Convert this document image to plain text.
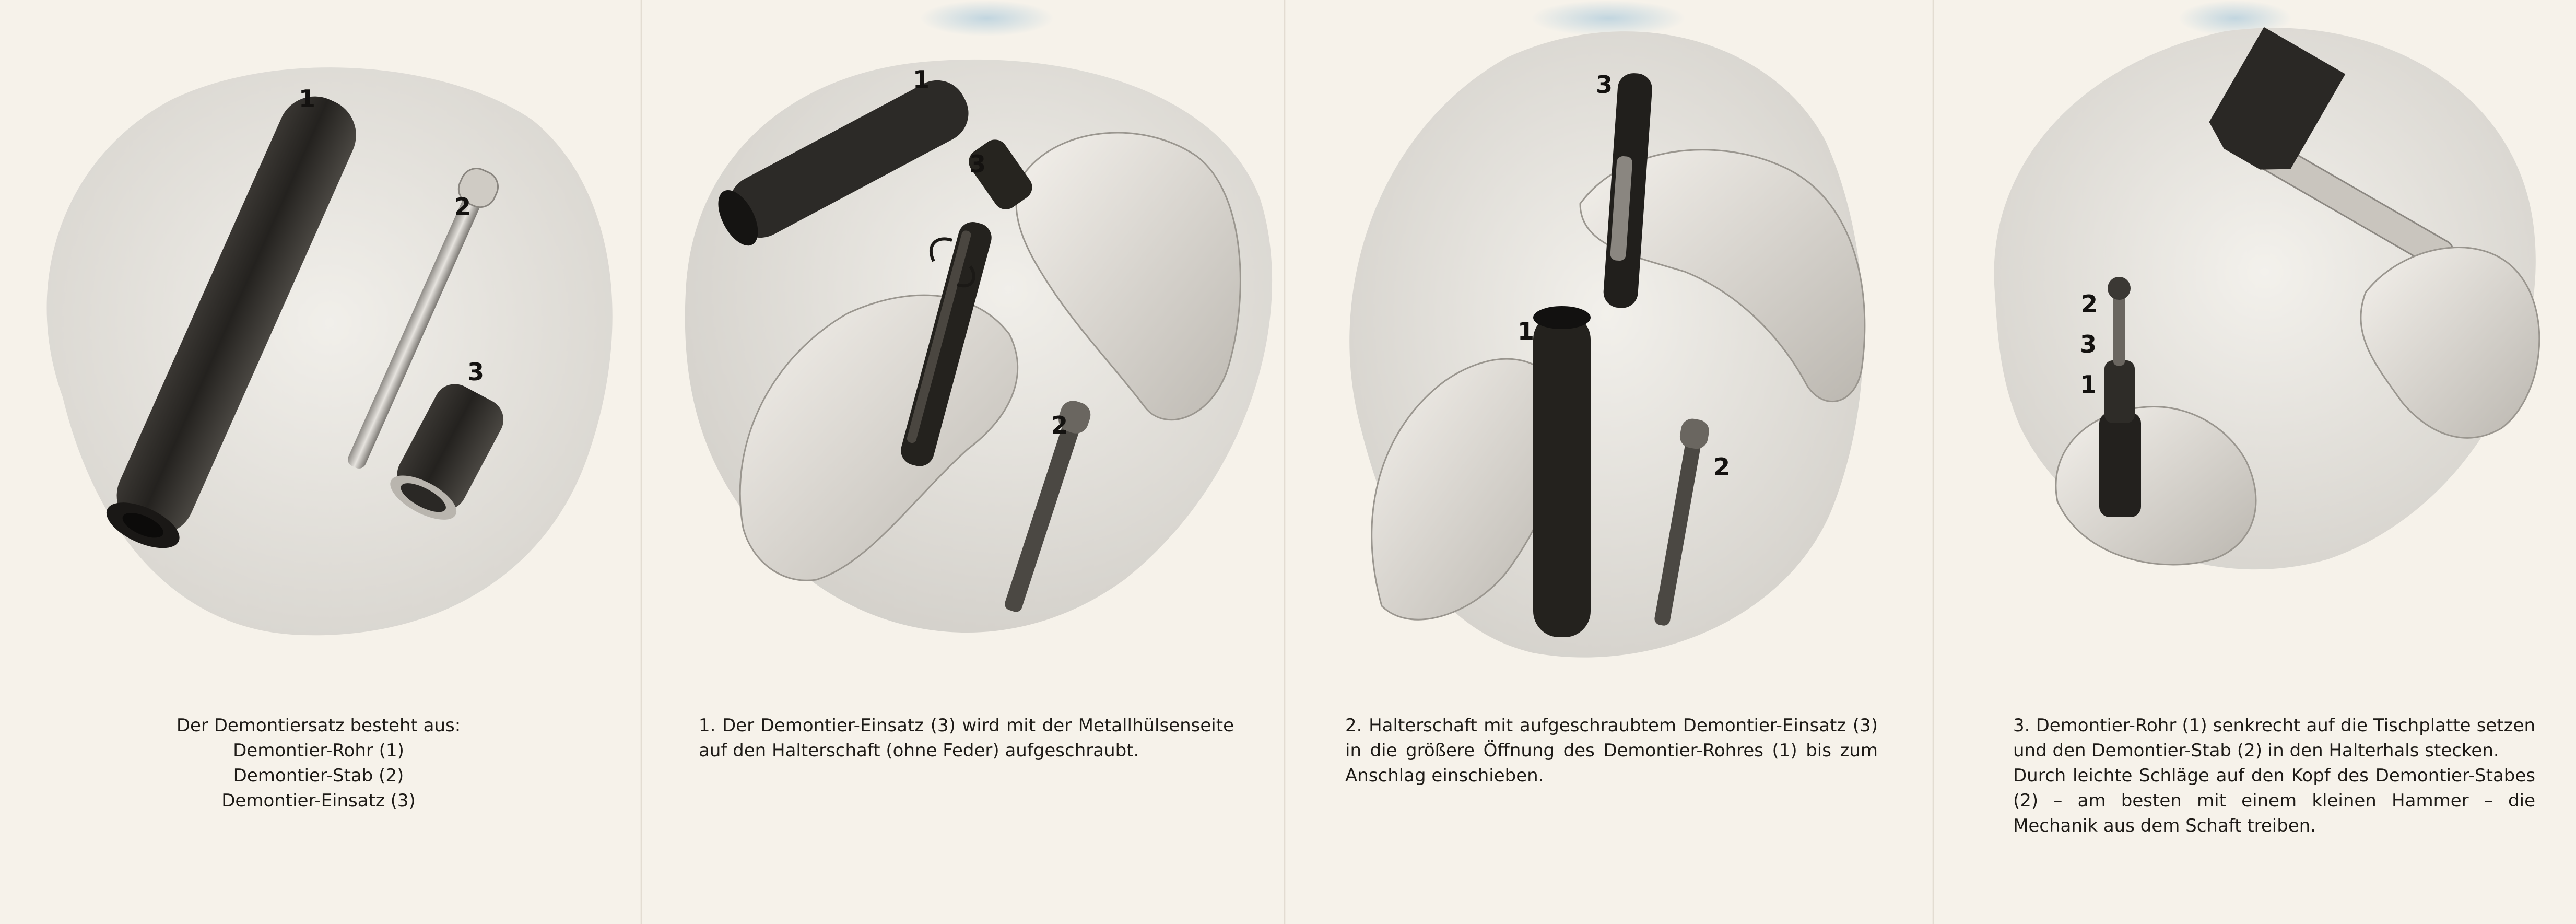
1
2
3

Der Demontiersatz besteht aus:

Demontier-Rohr (1)

Demontier-Stab (2)

Demontier-Einsatz (3)

1
3
2

1. Der Demontier-Einsatz (3) wird mit der Metallhülsenseite auf den Halterschaft (ohne Feder) aufgeschraubt.

3
1
2

2. Halterschaft mit aufgeschraubtem Demontier-Einsatz (3) in die größere Öffnung des Demontier-Rohres (1) bis zum Anschlag einschieben.

2
3
1

3. Demontier-Rohr (1) senkrecht auf die Tischplatte setzen und den Demontier-Stab (2) in den Halterhals stecken.

Durch leichte Schläge auf den Kopf des Demontier-Stabes (2) – am besten mit einem kleinen Hammer – die Mechanik aus dem Schaft treiben.
